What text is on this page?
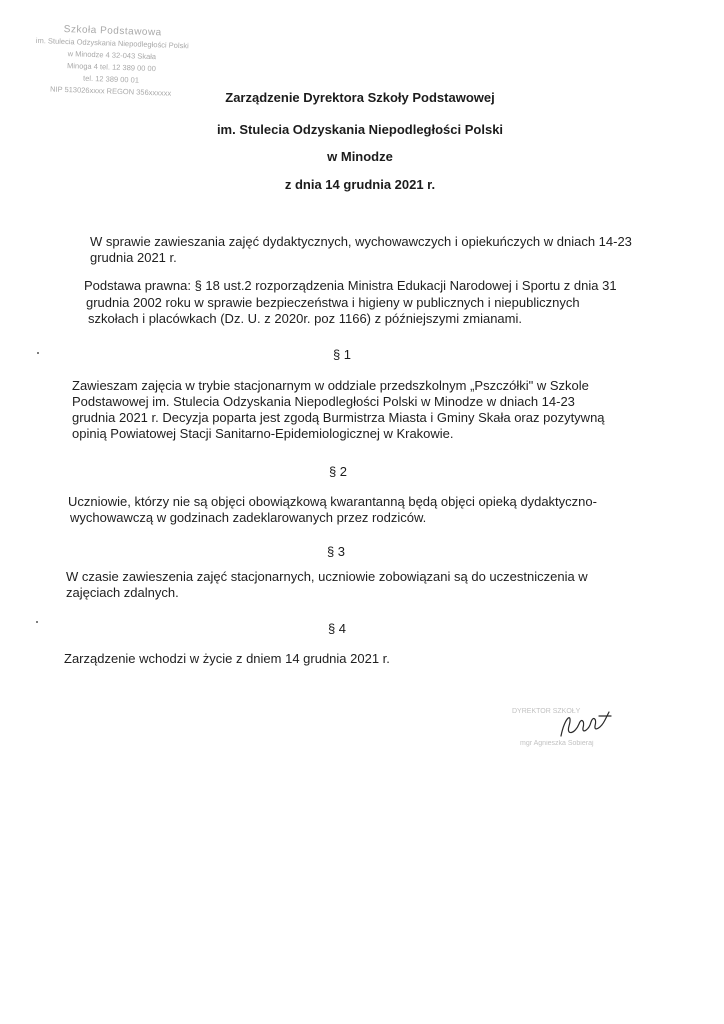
Szkoła Podstawowa
im. Stulecia Odzyskania Niepodległości Polski
w Minodze 4 32-043 Skała
Minoga 4 tel. 12 389 00 00
tel. 12 389 00 01
NIP 513026xxxx REGON 356xxxxxx	Zarządzenie Dyrektora Szkoły Podstawowej
im. Stulecia Odzyskania Niepodległości Polski
w Minodze
z dnia 14 grudnia 2021 r.
W sprawie zawieszania zajęć dydaktycznych, wychowawczych i opiekuńczych w dniach 14-23
grudnia 2021 r.
Podstawa prawna: § 18 ust.2 rozporządzenia Ministra Edukacji Narodowej i Sportu z dnia 31
grudnia 2002 roku w sprawie bezpieczeństwa i higieny w publicznych i niepublicznych
szkołach i placówkach (Dz. U. z 2020r. poz 1166) z późniejszymi zmianami.
§ 1
Zawieszam zajęcia w trybie stacjonarnym w oddziale przedszkolnym „Pszczółki" w Szkole
Podstawowej im. Stulecia Odzyskania Niepodległości Polski w Minodze w dniach 14-23
grudnia 2021 r. Decyzja poparta jest zgodą Burmistrza Miasta i Gminy Skała oraz pozytywną
opinią Powiatowej Stacji Sanitarno-Epidemiologicznej w Krakowie.
§ 2
Uczniowie, którzy nie są objęci obowiązkową kwarantanną będą objęci opieką dydaktyczno-
wychowawczą w godzinach zadeklarowanych przez rodziców.
§ 3
W czasie zawieszenia zajęć stacjonarnych, uczniowie zobowiązani są do uczestniczenia w
zajęciach zdalnych.
§ 4
Zarządzenie wchodzi w życie z dniem 14 grudnia 2021 r.
DYREKTOR SZKOŁY
mgr Agnieszka Sobieraj
